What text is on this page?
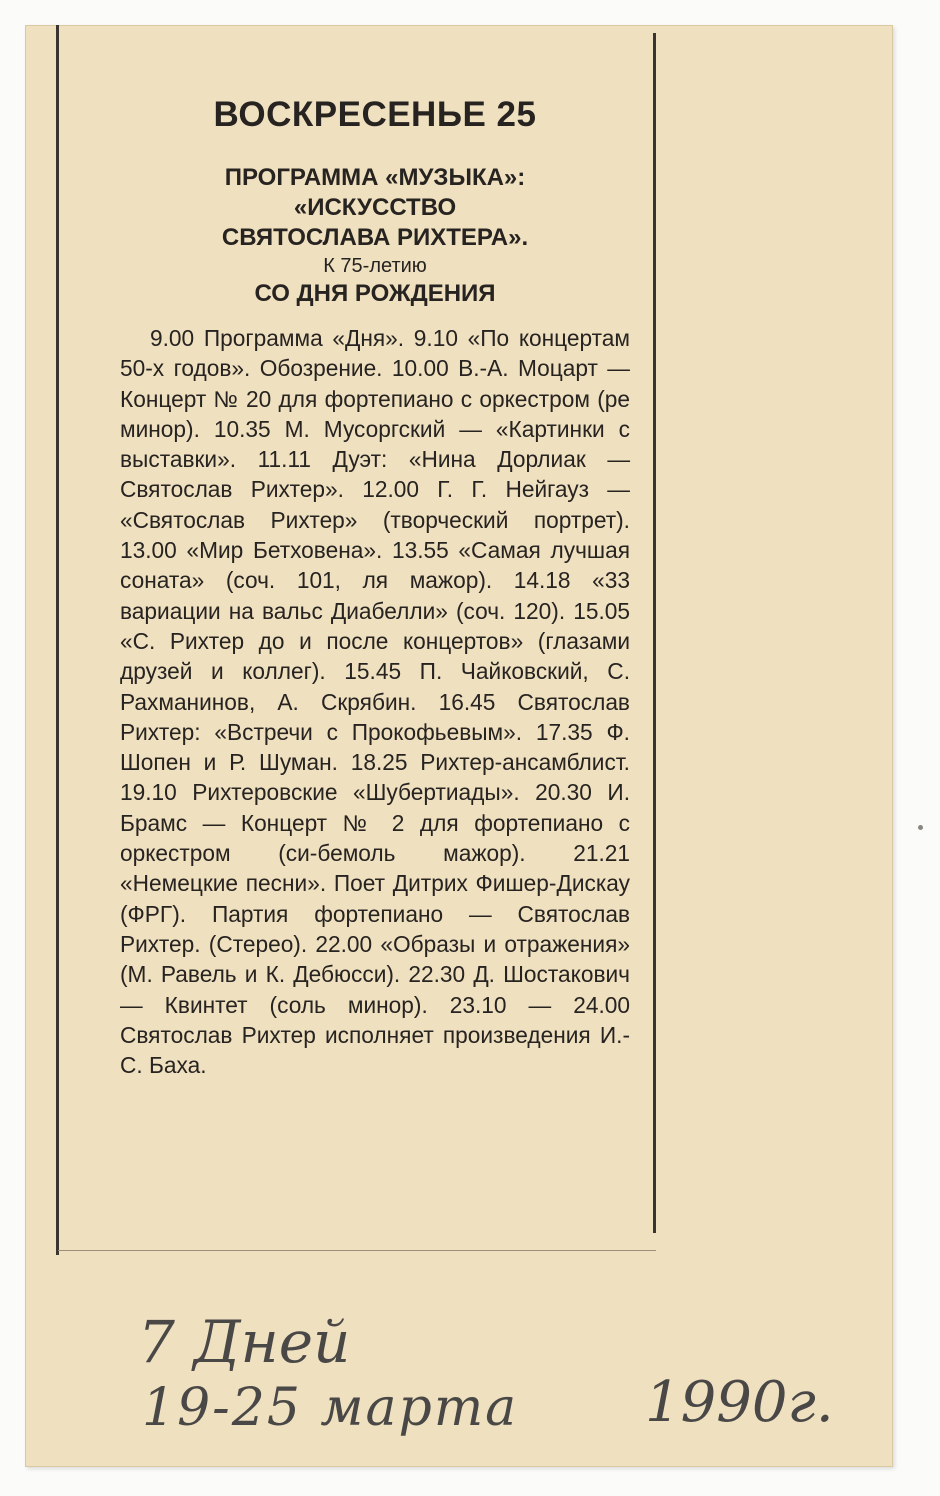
ВОСКРЕСЕНЬЕ 25
ПРОГРАММА «МУЗЫКА»:
«ИСКУССТВО
СВЯТОСЛАВА РИХТЕРА».
К 75-летию
СО ДНЯ РОЖДЕНИЯ
9.00 Программа «Дня». 9.10 «По концертам 50-х годов». Обозрение. 10.00 В.-А. Моцарт — Концерт № 20 для фортепиано с оркестром (ре минор). 10.35 М. Мусоргский — «Картинки с выставки». 11.11 Дуэт: «Нина Дорлиак — Святослав Рихтер». 12.00 Г. Г. Нейгауз — «Святослав Рихтер» (творческий портрет). 13.00 «Мир Бетховена». 13.55 «Самая лучшая соната» (соч. 101, ля мажор). 14.18 «33 вариации на вальс Диабелли» (соч. 120). 15.05 «С. Рихтер до и после концертов» (глазами друзей и коллег). 15.45 П. Чайковский, С. Рахманинов, А. Скрябин. 16.45 Святослав Рихтер: «Встречи с Прокофьевым». 17.35 Ф. Шопен и Р. Шуман. 18.25 Рихтер-ансамблист. 19.10 Рихтеровские «Шубертиады». 20.30 И. Брамс — Концерт № 2 для фортепиано с оркестром (си-бемоль мажор). 21.21 «Немецкие песни». Поет Дитрих Фишер-Дискау (ФРГ). Партия фортепиано — Святослав Рихтер. (Стерео). 22.00 «Образы и отражения» (М. Равель и К. Дебюсси). 22.30 Д. Шостакович — Квинтет (соль минор). 23.10 — 24.00 Святослав Рихтер исполняет произведения И.-С. Баха.
7 Дней
19-25 марта 1990г.
